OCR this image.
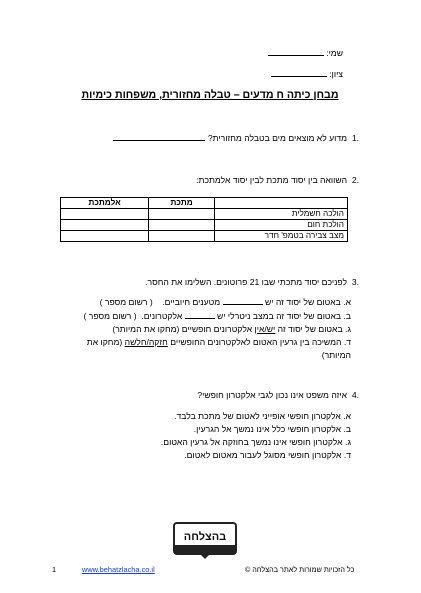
שמי:
ציון:
מבחן כיתה ח מדעים – טבלה מחזורית, משפחות כימיות
.1  מדוע לא מוצאים מים בטבלה מחזורית?
.2  השוואה בין יסוד מתכת לבין יסוד אלמתכת:
	מתכת	אלמתכת
הולכה חשמלית		
הולכת חום		
מצב צבירה בטמפ' חדר		
.3  לפניכם יסוד מתכתי שבו 21 פרוטונים. השלימו את החסר.
א. באטום של יסוד זה יש  מטענים חיוביים.    ( רשום מספר )
ב. באטום של יסוד זה במצב ניטרלי יש  אלקטרונים.  ( רשום מספר )
ג. באטום של יסוד זה יש/אין אלקטרונים חופשיים (מחקו את המיותר)
ד. המשיכה בין גרעין האטום לאלקטרונים החופשיים חזקה/חלשה (מחקו את
המיותר)
.4  איזה משפט אינו נכון לגבי אלקטרון חופשי?
א. אלקטרון חופשי אופייני לאטום של מתכת בלבד.
ב. אלקטרון חופשי כלל אינו נמשך אל הגרעין.
ג. אלקטרון חופשי אינו נמשך בחוזקה אל גרעין האטום.
ד. אלקטרון חופשי מסוגל לעבור מאטום לאטום.
בהצלחה
1	www.behatzlacha.co.il	כל הזכויות שמורות לאתר בהצלחה ©
